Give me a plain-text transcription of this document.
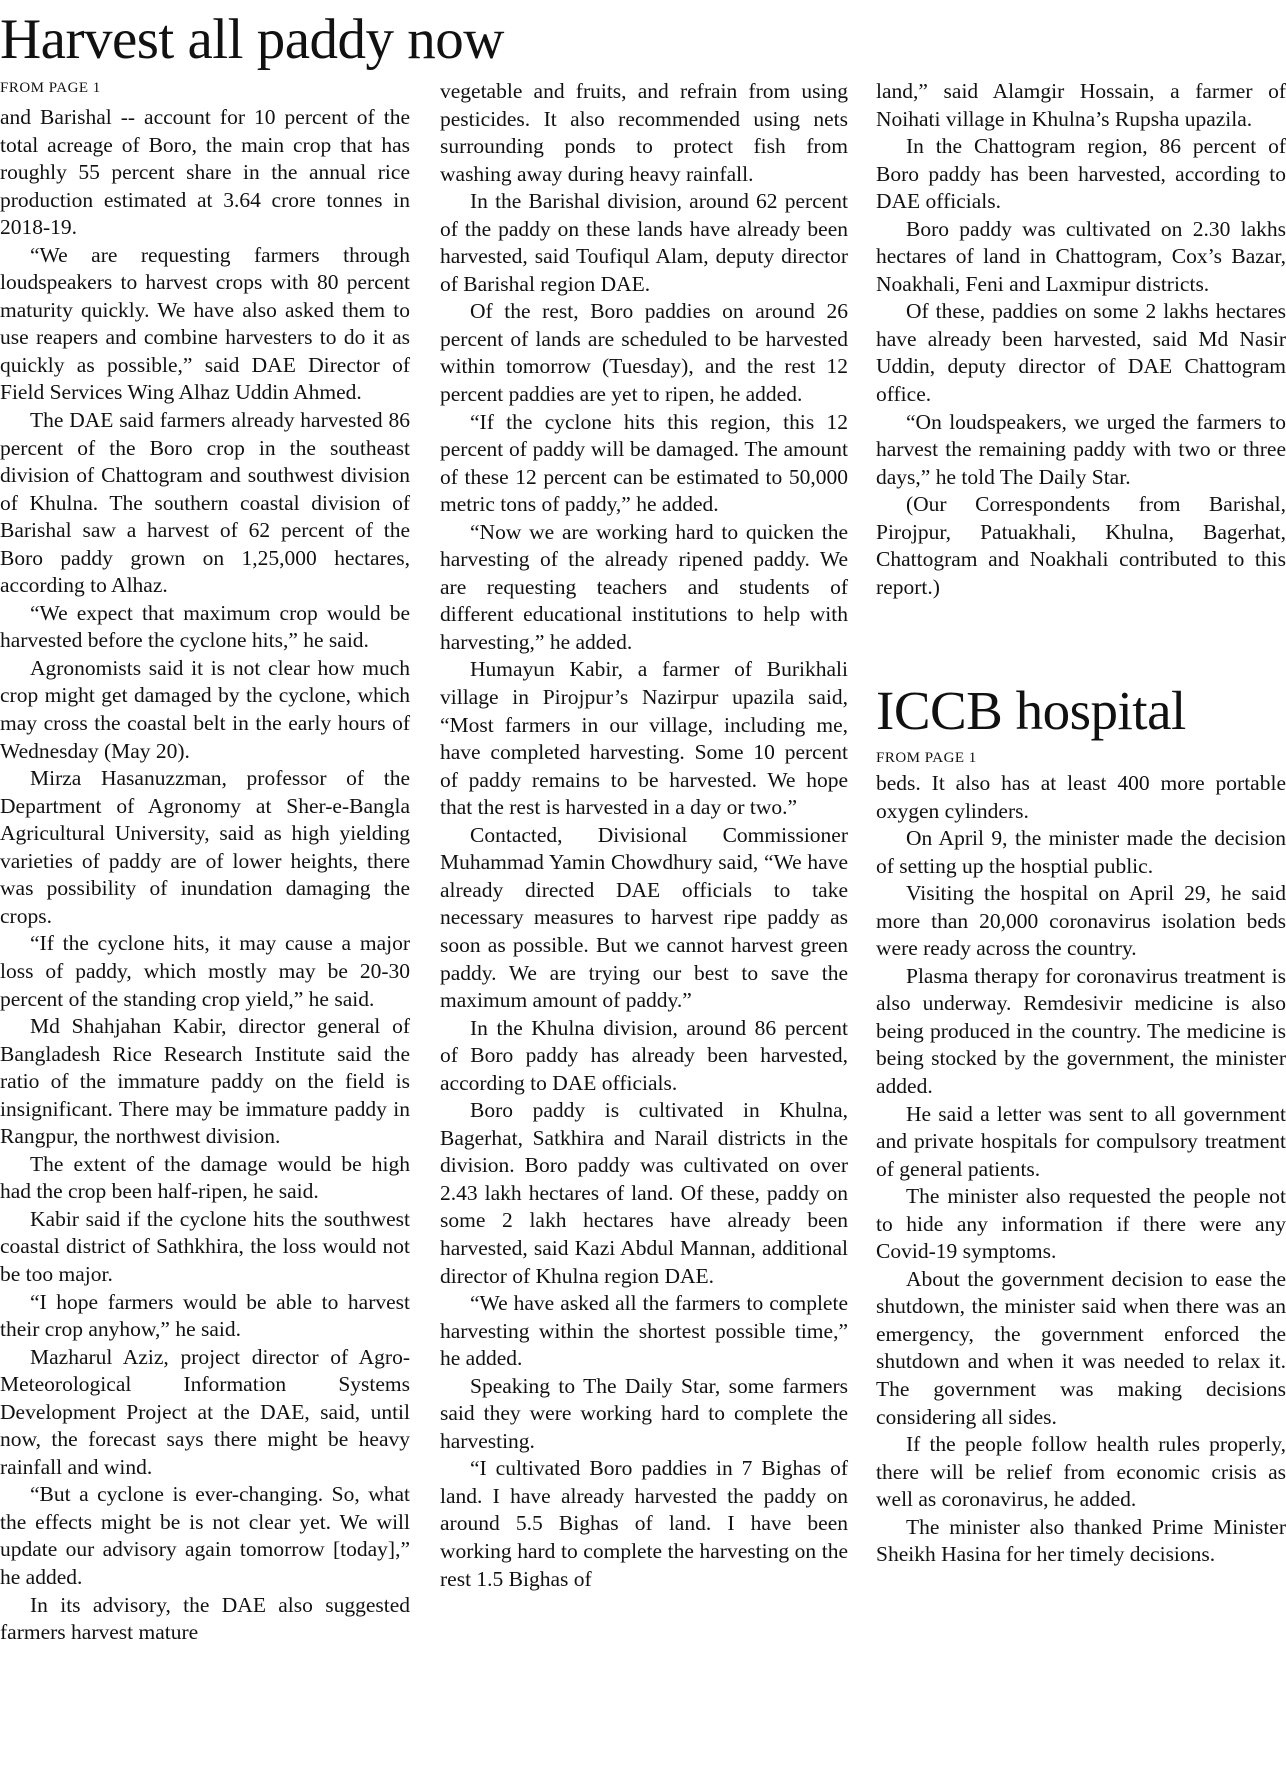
Harvest all paddy now
FROM PAGE 1

and Barishal -- account for 10 percent of the total acreage of Boro, the main crop that has roughly 55 percent share in the annual rice production estimated at 3.64 crore tonnes in 2018-19.

“We are requesting farmers through loudspeakers to harvest crops with 80 percent maturity quickly. We have also asked them to use reapers and combine harvesters to do it as quickly as possible,” said DAE Director of Field Services Wing Alhaz Uddin Ahmed.

The DAE said farmers already harvested 86 percent of the Boro crop in the southeast division of Chattogram and southwest division of Khulna. The southern coastal division of Barishal saw a harvest of 62 percent of the Boro paddy grown on 1,25,000 hectares, according to Alhaz.

“We expect that maximum crop would be harvested before the cyclone hits,” he said.

Agronomists said it is not clear how much crop might get damaged by the cyclone, which may cross the coastal belt in the early hours of Wednesday (May 20).

Mirza Hasanuzzman, professor of the Department of Agronomy at Sher-e-Bangla Agricultural University, said as high yielding varieties of paddy are of lower heights, there was possibility of inundation damaging the crops.

“If the cyclone hits, it may cause a major loss of paddy, which mostly may be 20-30 percent of the standing crop yield,” he said.

Md Shahjahan Kabir, director general of Bangladesh Rice Research Institute said the ratio of the immature paddy on the field is insignificant. There may be immature paddy in Rangpur, the northwest division.

The extent of the damage would be high had the crop been half-ripen, he said.

Kabir said if the cyclone hits the southwest coastal district of Sathkhira, the loss would not be too major.

“I hope farmers would be able to harvest their crop anyhow,” he said.

Mazharul Aziz, project director of Agro-Meteorological Information Systems Development Project at the DAE, said, until now, the forecast says there might be heavy rainfall and wind.

“But a cyclone is ever-changing. So, what the effects might be is not clear yet. We will update our advisory again tomorrow [today],” he added.

In its advisory, the DAE also suggested farmers harvest mature

vegetable and fruits, and refrain from using pesticides. It also recommended using nets surrounding ponds to protect fish from washing away during heavy rainfall.

In the Barishal division, around 62 percent of the paddy on these lands have already been harvested, said Toufiqul Alam, deputy director of Barishal region DAE.

Of the rest, Boro paddies on around 26 percent of lands are scheduled to be harvested within tomorrow (Tuesday), and the rest 12 percent paddies are yet to ripen, he added.

“If the cyclone hits this region, this 12 percent of paddy will be damaged. The amount of these 12 percent can be estimated to 50,000 metric tons of paddy,” he added.

“Now we are working hard to quicken the harvesting of the already ripened paddy. We are requesting teachers and students of different educational institutions to help with harvesting,” he added.

Humayun Kabir, a farmer of Burikhali village in Pirojpur’s Nazirpur upazila said, “Most farmers in our village, including me, have completed harvesting. Some 10 percent of paddy remains to be harvested. We hope that the rest is harvested in a day or two.”

Contacted, Divisional Commissioner Muhammad Yamin Chowdhury said, “We have already directed DAE officials to take necessary measures to harvest ripe paddy as soon as possible. But we cannot harvest green paddy. We are trying our best to save the maximum amount of paddy.”

In the Khulna division, around 86 percent of Boro paddy has already been harvested, according to DAE officials.

Boro paddy is cultivated in Khulna, Bagerhat, Satkhira and Narail districts in the division. Boro paddy was cultivated on over 2.43 lakh hectares of land. Of these, paddy on some 2 lakh hectares have already been harvested, said Kazi Abdul Mannan, additional director of Khulna region DAE.

“We have asked all the farmers to complete harvesting within the shortest possible time,” he added.

Speaking to The Daily Star, some farmers said they were working hard to complete the harvesting.

“I cultivated Boro paddies in 7 Bighas of land. I have already harvested the paddy on around 5.5 Bighas of land. I have been working hard to complete the harvesting on the rest 1.5 Bighas of

land,” said Alamgir Hossain, a farmer of Noihati village in Khulna’s Rupsha upazila.

In the Chattogram region, 86 percent of Boro paddy has been harvested, according to DAE officials.

Boro paddy was cultivated on 2.30 lakhs hectares of land in Chattogram, Cox’s Bazar, Noakhali, Feni and Laxmipur districts.

Of these, paddies on some 2 lakhs hectares have already been harvested, said Md Nasir Uddin, deputy director of DAE Chattogram office.

“On loudspeakers, we urged the farmers to harvest the remaining paddy with two or three days,” he told The Daily Star.

(Our Correspondents from Barishal, Pirojpur, Patuakhali, Khulna, Bagerhat, Chattogram and Noakhali contributed to this report.)

ICCB hospital
FROM PAGE 1

beds. It also has at least 400 more portable oxygen cylinders.

On April 9, the minister made the decision of setting up the hosptial public.

Visiting the hospital on April 29, he said more than 20,000 coronavirus isolation beds were ready across the country.

Plasma therapy for coronavirus treatment is also underway. Remdesivir medicine is also being produced in the country. The medicine is being stocked by the government, the minister added.

He said a letter was sent to all government and private hospitals for compulsory treatment of general patients.

The minister also requested the people not to hide any information if there were any Covid-19 symptoms.

About the government decision to ease the shutdown, the minister said when there was an emergency, the government enforced the shutdown and when it was needed to relax it. The government was making decisions considering all sides.

If the people follow health rules properly, there will be relief from economic crisis as well as coronavirus, he added.

The minister also thanked Prime Minister Sheikh Hasina for her timely decisions.
